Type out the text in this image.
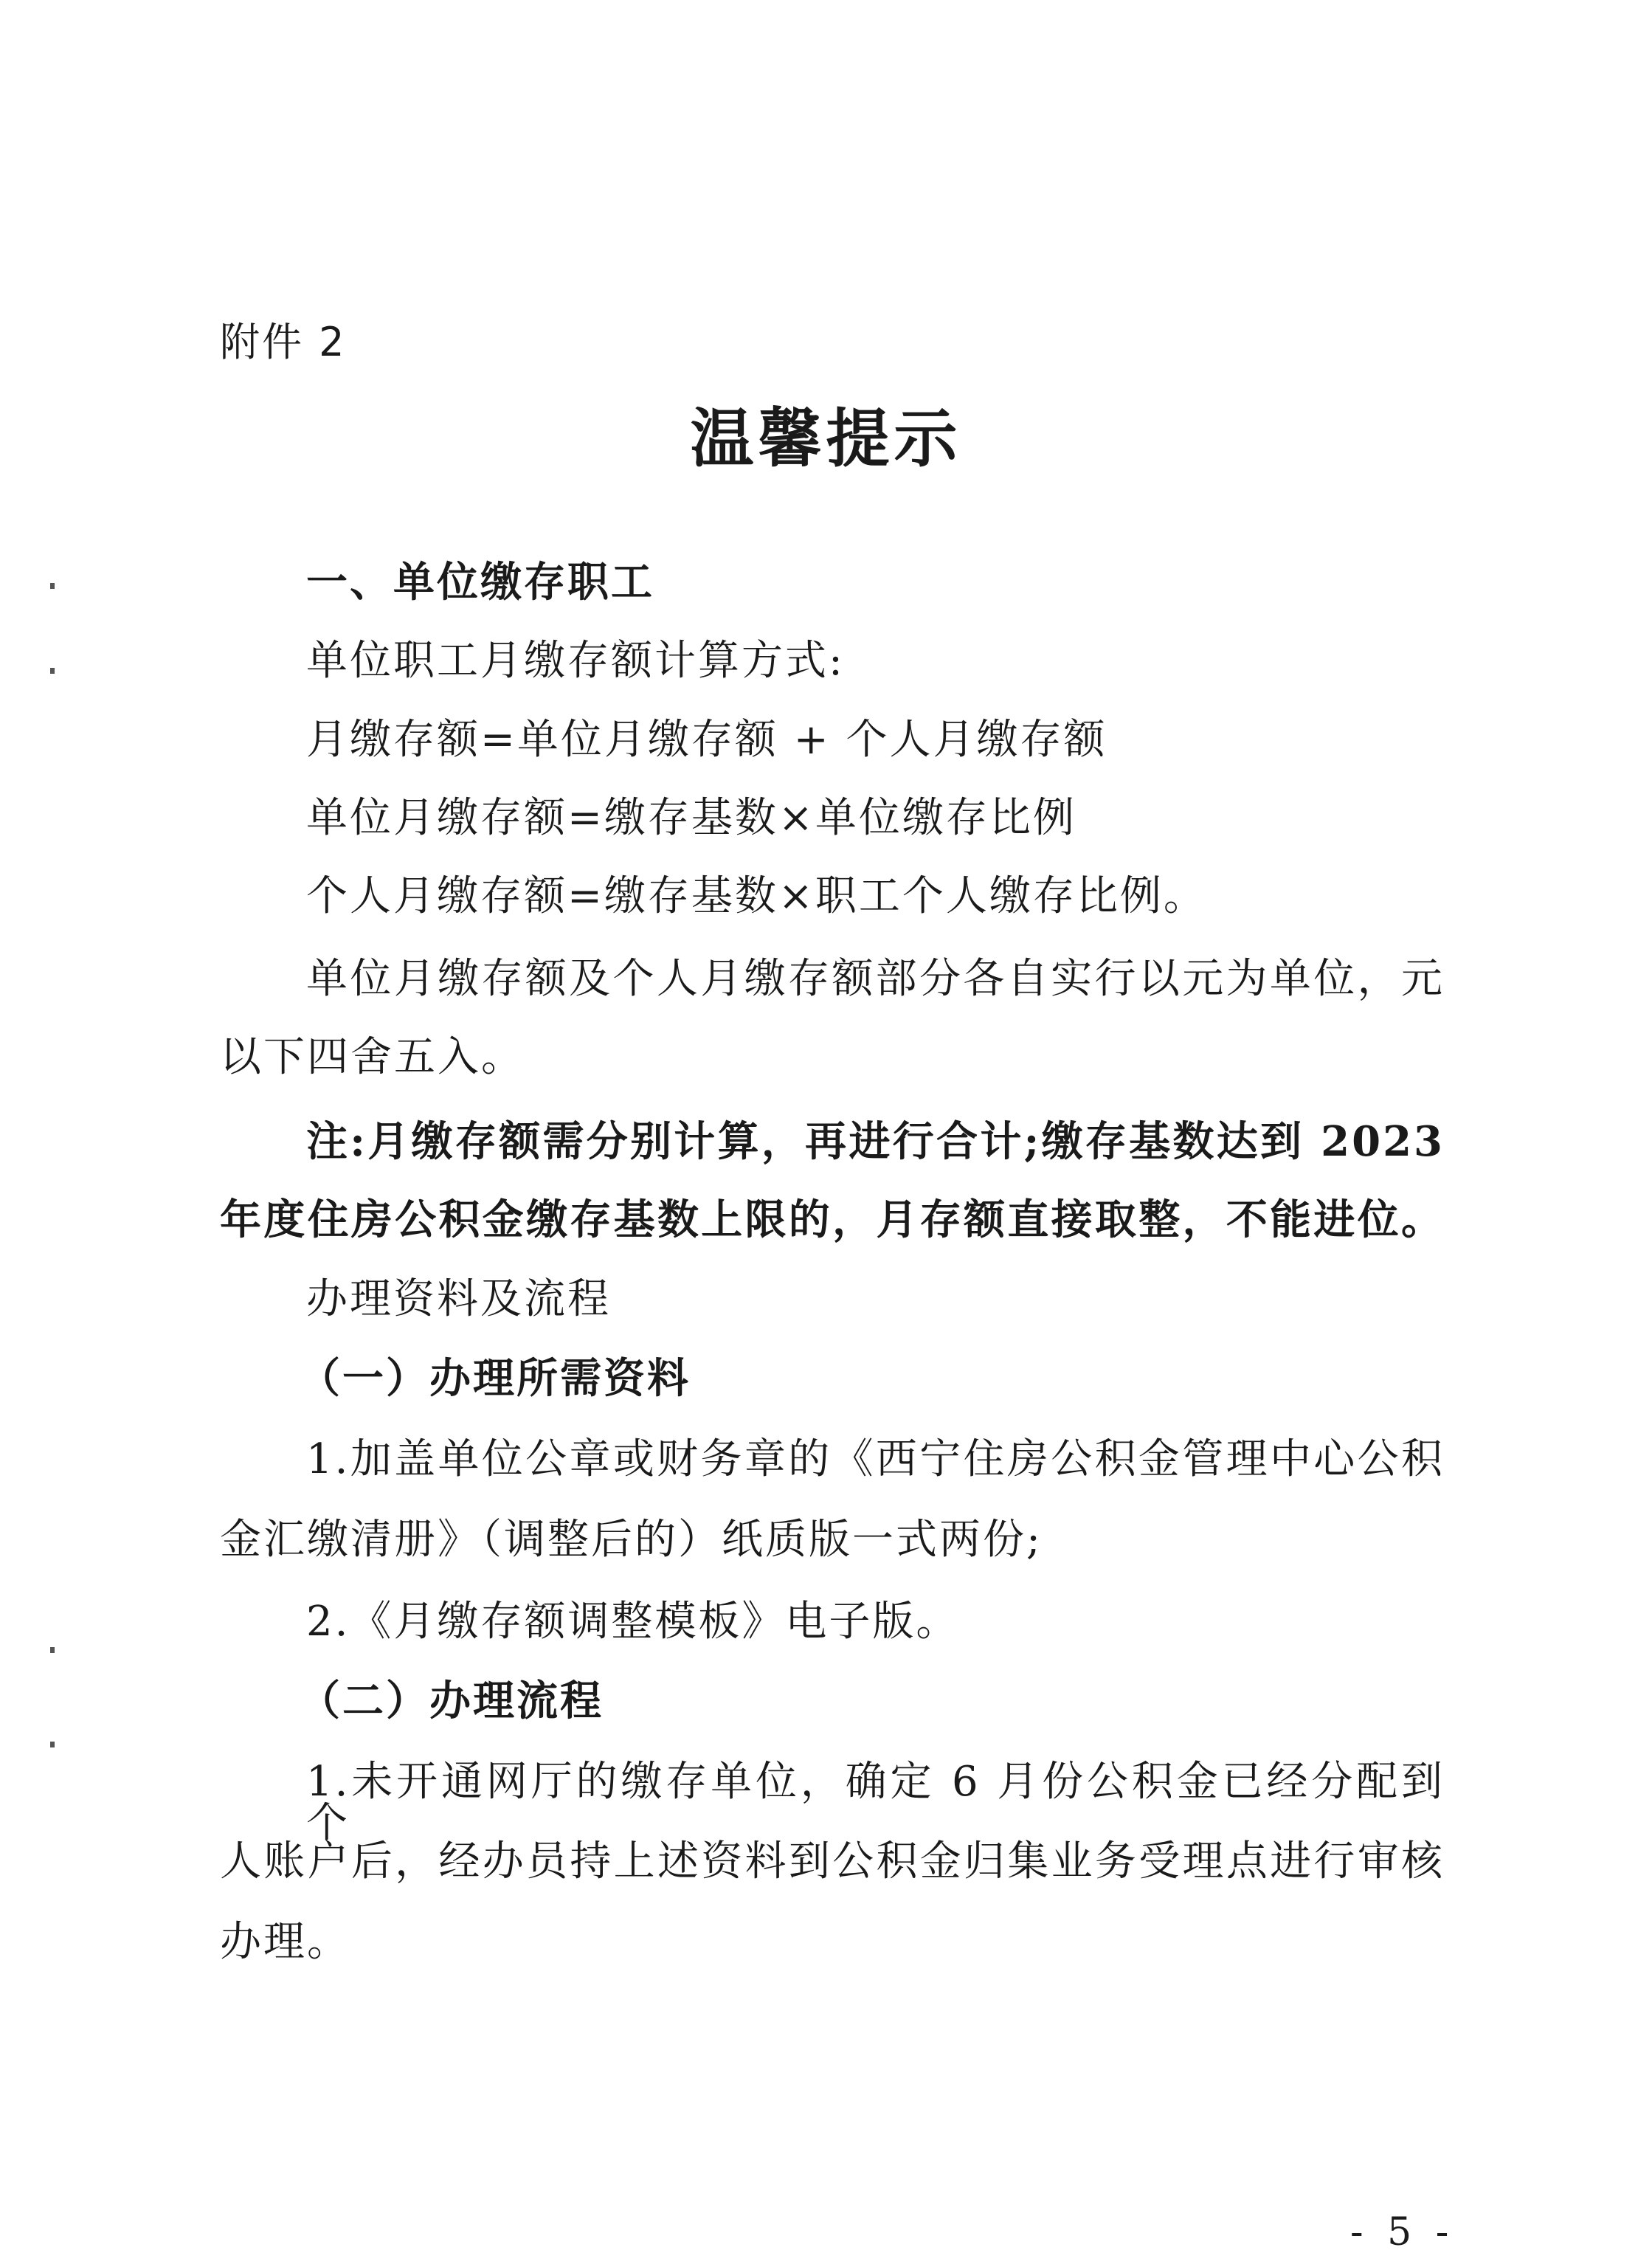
附件 2
温馨提示
一、单位缴存职工
单位职工月缴存额计算方式:
月缴存额=单位月缴存额 + 个人月缴存额
单位月缴存额=缴存基数×单位缴存比例
个人月缴存额=缴存基数×职工个人缴存比例。
单位月缴存额及个人月缴存额部分各自实行以元为单位，元
以下四舍五入。
注:月缴存额需分别计算，再进行合计;缴存基数达到 2023
年度住房公积金缴存基数上限的，月存额直接取整，不能进位。
办理资料及流程
（一）办理所需资料
1.加盖单位公章或财务章的《西宁住房公积金管理中心公积
金汇缴清册》（调整后的）纸质版一式两份;
2.《月缴存额调整模板》电子版。
（二）办理流程
1.未开通网厅的缴存单位，确定 6 月份公积金已经分配到个
人账户后，经办员持上述资料到公积金归集业务受理点进行审核
办理。
- 5 -
